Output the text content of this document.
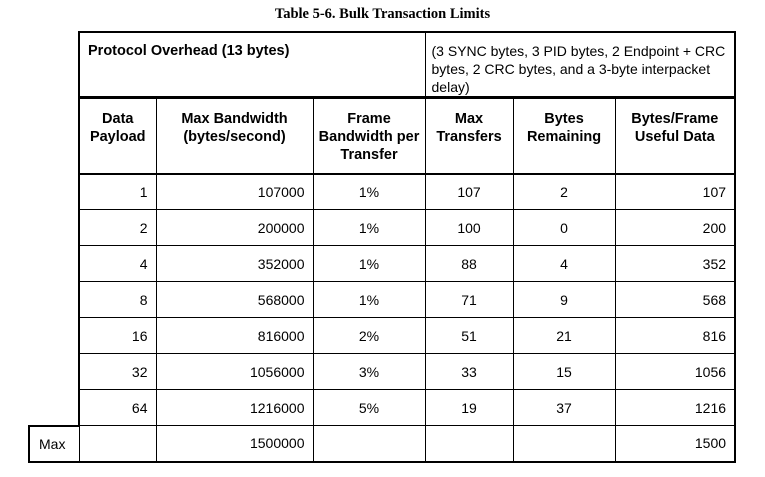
Table 5-6. Bulk Transaction Limits
	Protocol Overhead (13 bytes)			(3 SYNC bytes, 3 PID bytes, 2 Endpoint + CRC bytes, 2 CRC bytes, and a 3-byte interpacket delay)		
	Data Payload	Max Bandwidth (bytes/second)	Frame Bandwidth per Transfer	Max Transfers	Bytes Remaining	Bytes/Frame Useful Data
	1	107000	1%	107	2	107
	2	200000	1%	100	0	200
	4	352000	1%	88	4	352
	8	568000	1%	71	9	568
	16	816000	2%	51	21	816
	32	1056000	3%	33	15	1056
	64	1216000	5%	19	37	1216
Max		1500000				1500
